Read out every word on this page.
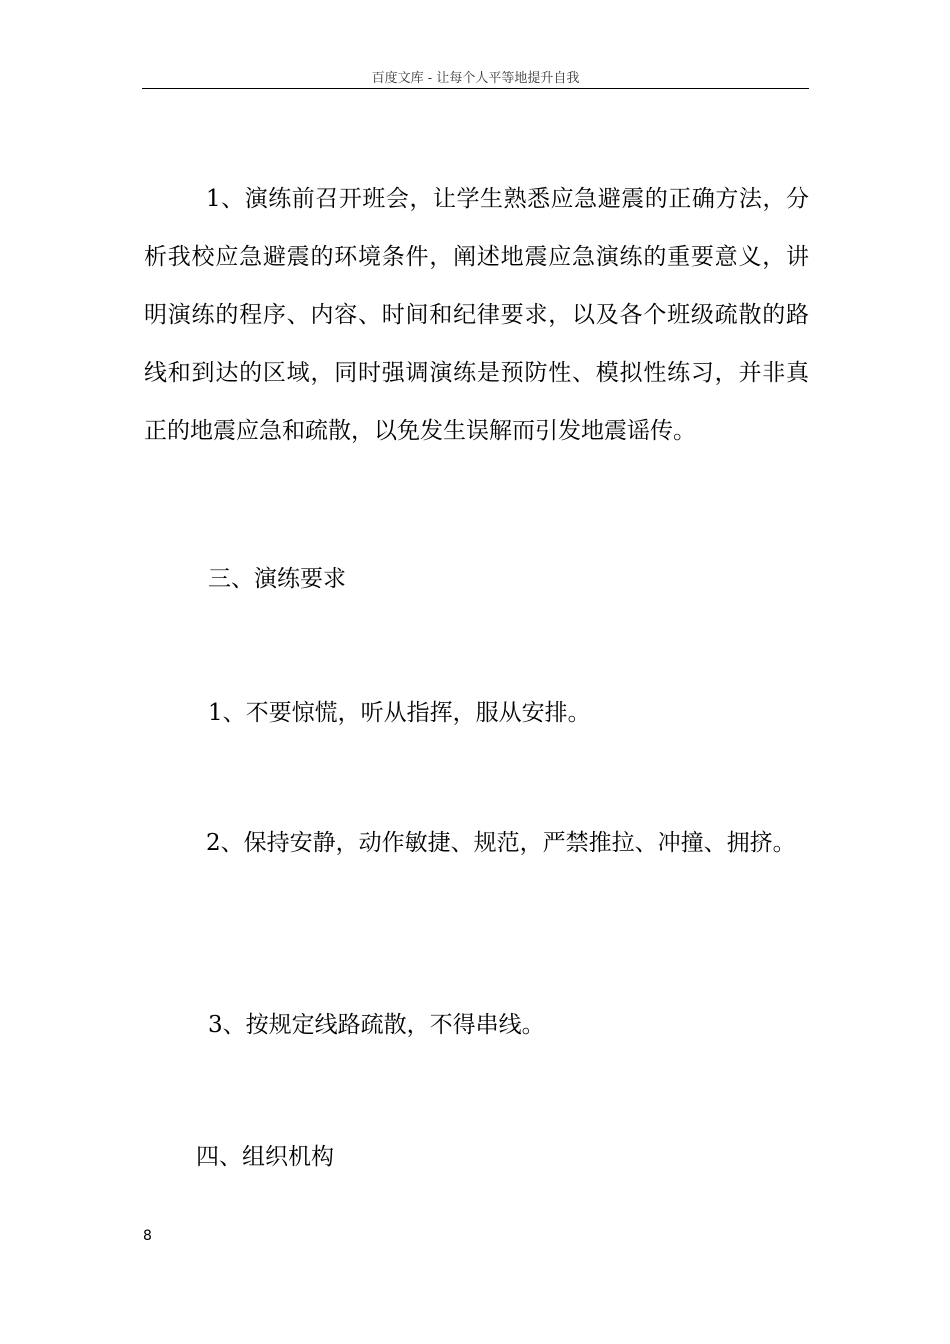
百度文库 - 让每个人平等地提升自我

1、演练前召开班会，让学生熟悉应急避震的正确方法，分析我校应急避震的环境条件，阐述地震应急演练的重要意义，讲明演练的程序、内容、时间和纪律要求，以及各个班级疏散的路线和到达的区域，同时强调演练是预防性、模拟性练习，并非真正的地震应急和疏散，以免发生误解而引发地震谣传。

三、演练要求

1、不要惊慌，听从指挥，服从安排。

2、保持安静，动作敏捷、规范，严禁推拉、冲撞、拥挤。

3、按规定线路疏散，不得串线。

四、组织机构

8
